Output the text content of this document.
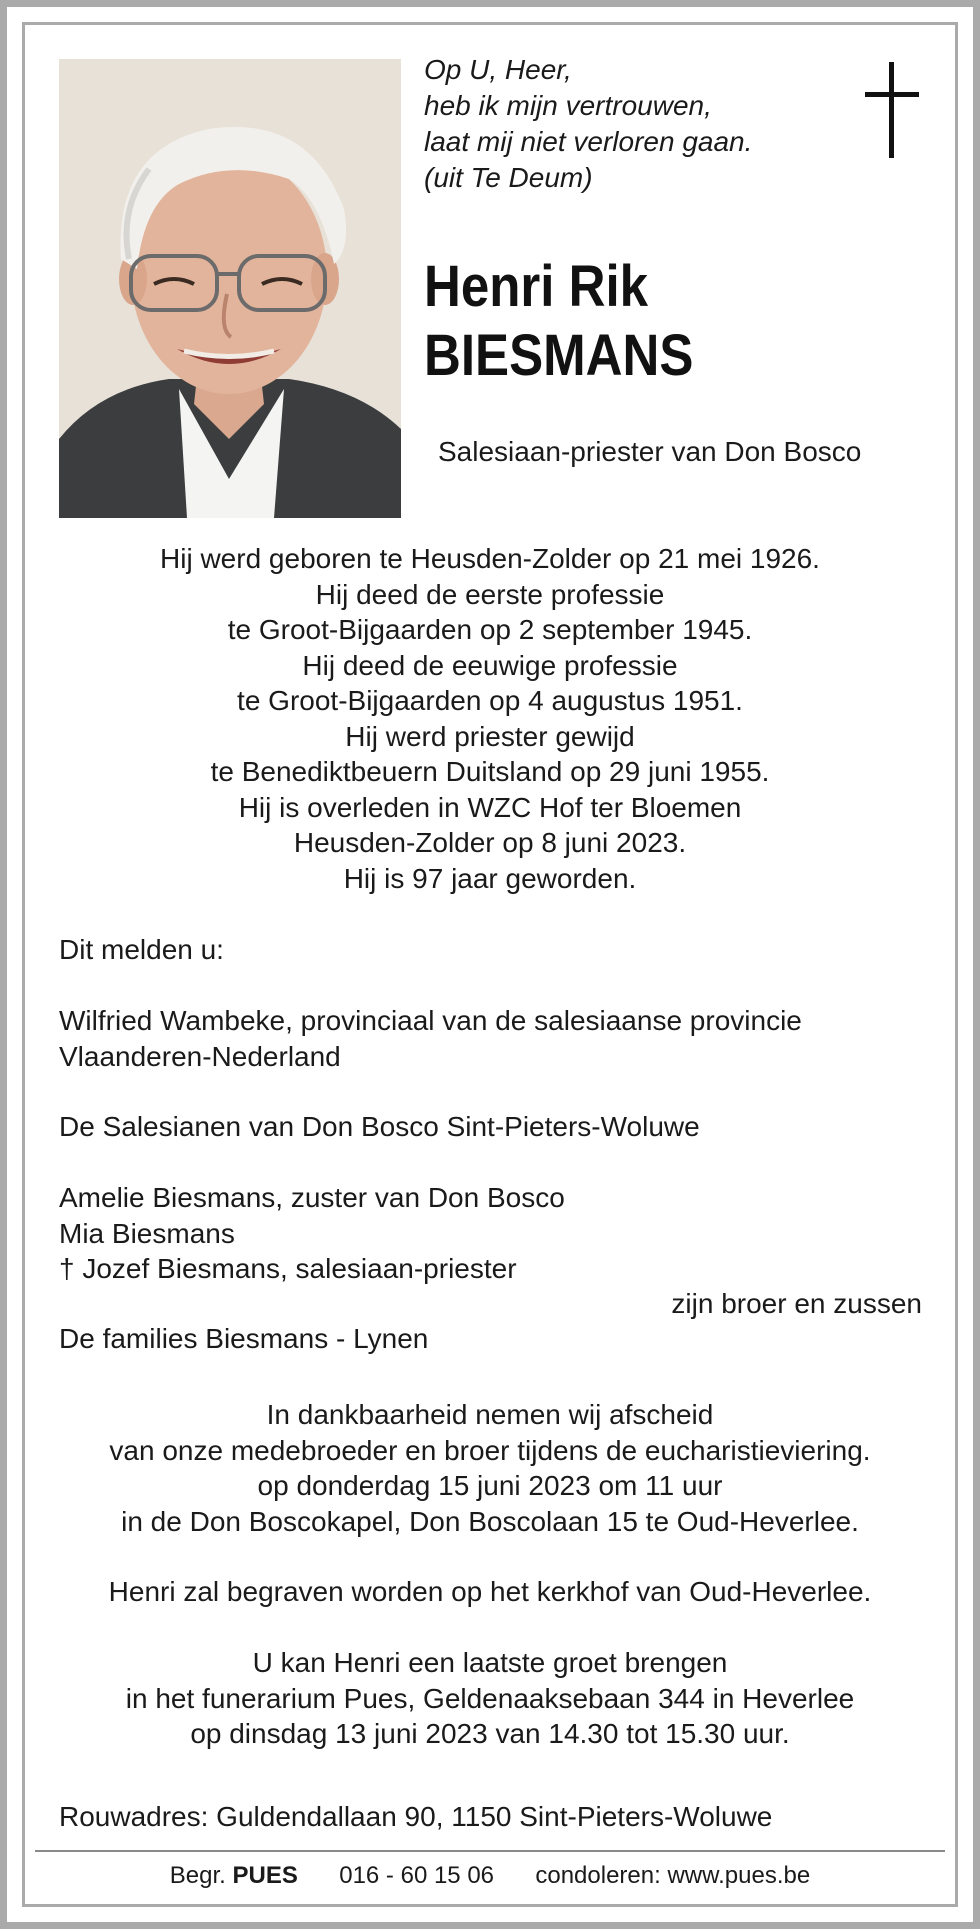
Op U, Heer,
heb ik mijn vertrouwen,
laat mij niet verloren gaan.
(uit Te Deum)
Henri Rik
BIESMANS
Salesiaan-priester van Don Bosco
Hij werd geboren te Heusden-Zolder op 21 mei 1926.
Hij deed de eerste professie
te Groot-Bijgaarden op 2 september 1945.
Hij deed de eeuwige professie
te Groot-Bijgaarden op 4 augustus 1951.
Hij werd priester gewijd
te Benediktbeuern Duitsland op 29 juni 1955.
Hij is overleden in WZC Hof ter Bloemen
Heusden-Zolder op 8 juni 2023.
Hij is 97 jaar geworden.
Dit melden u:
Wilfried Wambeke, provinciaal van de salesiaanse provincie
Vlaanderen-Nederland
De Salesianen van Don Bosco Sint-Pieters-Woluwe
Amelie Biesmans, zuster van Don Bosco
Mia Biesmans
† Jozef Biesmans, salesiaan-priester
zijn broer en zussen
De families Biesmans - Lynen
In dankbaarheid nemen wij afscheid
van onze medebroeder en broer tijdens de eucharistieviering.
op donderdag 15 juni 2023 om 11 uur
in de Don Boscokapel, Don Boscolaan 15 te Oud-Heverlee.
Henri zal begraven worden op het kerkhof van Oud-Heverlee.
U kan Henri een laatste groet brengen
in het funerarium Pues, Geldenaaksebaan 344 in Heverlee
op dinsdag 13 juni 2023 van 14.30 tot 15.30 uur.
Rouwadres: Guldendallaan 90, 1150 Sint-Pieters-Woluwe
Begr. PUES 016 - 60 15 06 condoleren: www.pues.be
